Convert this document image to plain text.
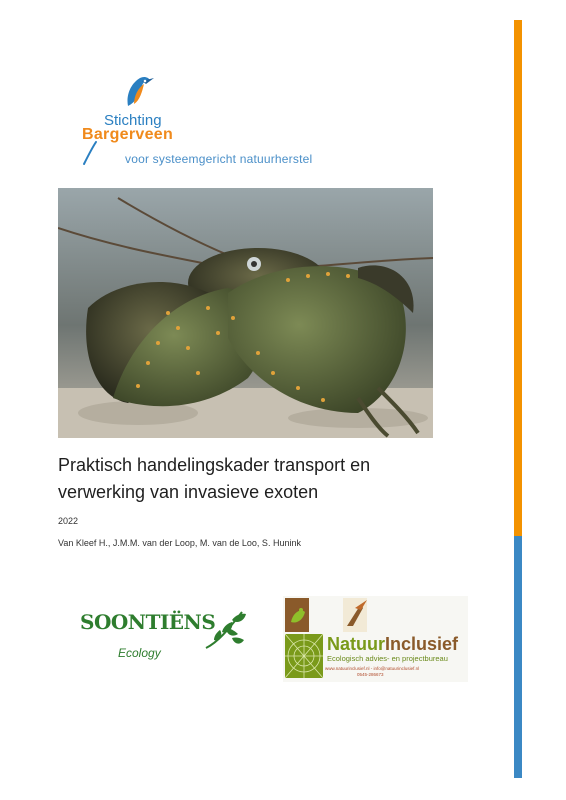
Stichting
Bargerveen
voor systeemgericht natuurherstel
Praktisch handelingskader transport en verwerking van invasieve exoten
2022
Van Kleef H., J.M.M. van der Loop, M. van de Loo, S. Hunink
SOONTIËNS
Ecology	NatuurInclusief
Ecologisch advies- en projectbureau
www.natuurinclusief.nl - info@natuurinclusief.nl
0545-286673
